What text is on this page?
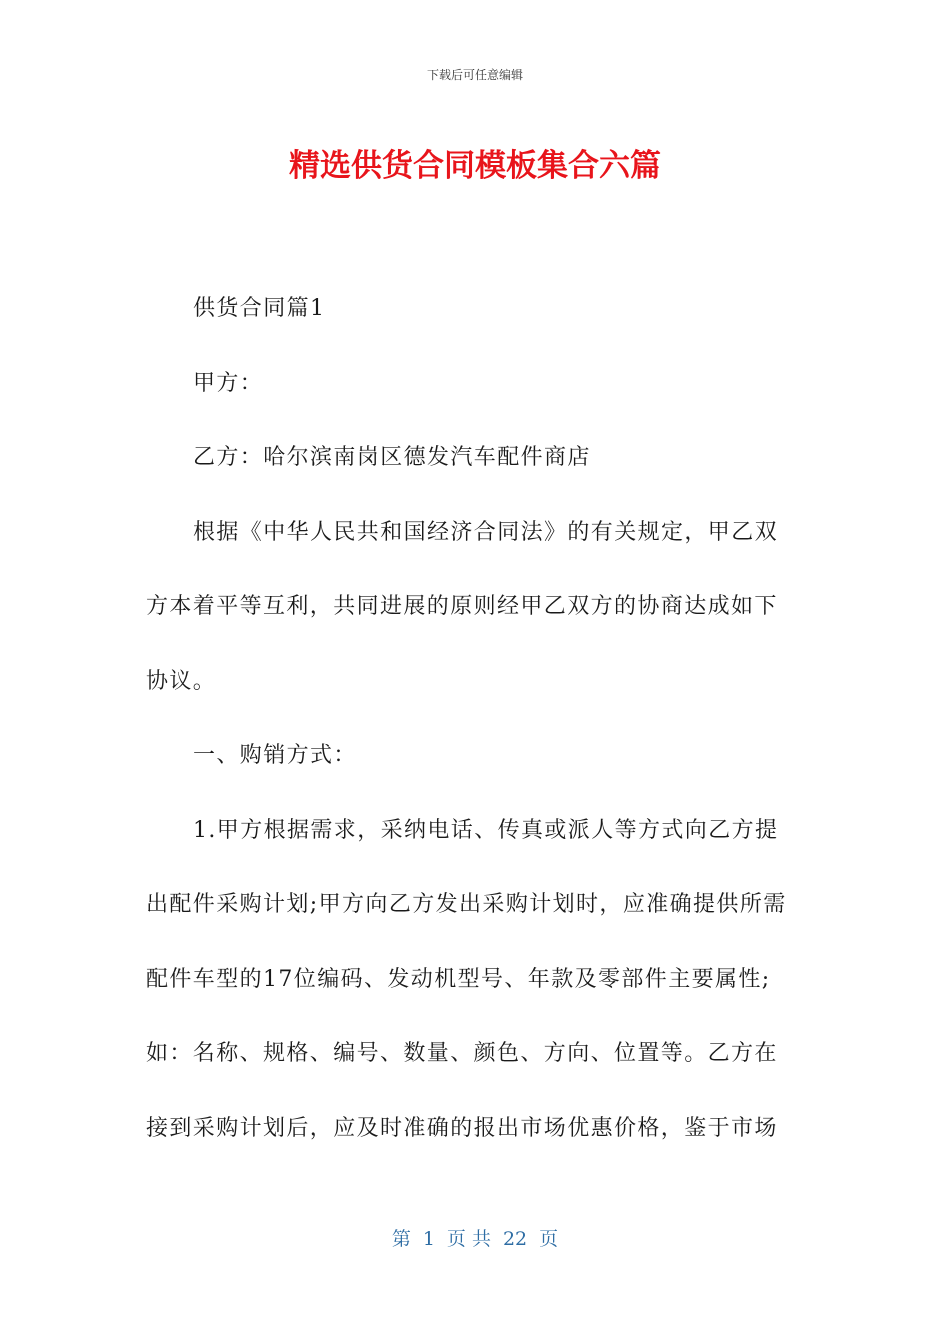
下载后可任意编辑
精选供货合同模板集合六篇

供货合同篇1

甲方：

乙方：哈尔滨南岗区德发汽车配件商店

根据《中华人民共和国经济合同法》的有关规定，甲乙双

方本着平等互利，共同进展的原则经甲乙双方的协商达成如下

协议。

一、购销方式：

1.甲方根据需求，采纳电话、传真或派人等方式向乙方提

出配件采购计划;甲方向乙方发出采购计划时，应准确提供所需

配件车型的17位编码、发动机型号、年款及零部件主要属性;

如：名称、规格、编号、数量、颜色、方向、位置等。乙方在

接到采购计划后，应及时准确的报出市场优惠价格，鉴于市场

第 1 页 共 22 页
